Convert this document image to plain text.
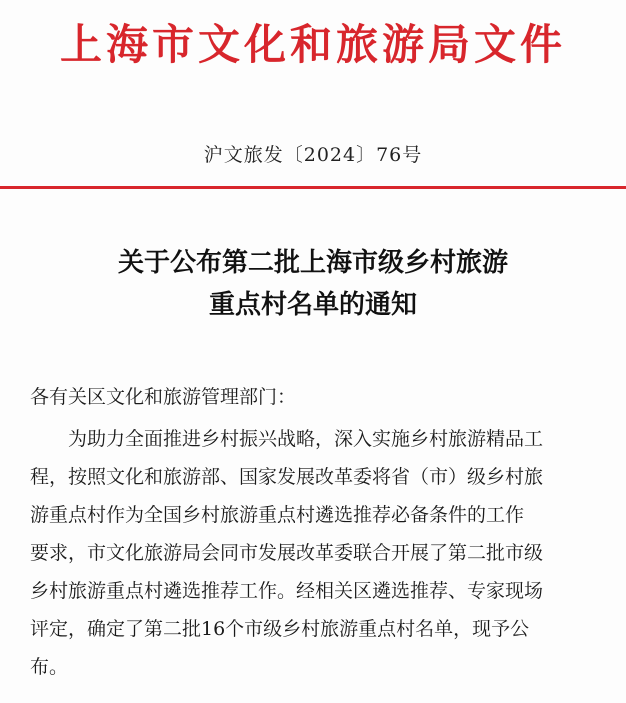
上海市文化和旅游局文件
沪文旅发〔2024〕76号
关于公布第二批上海市级乡村旅游
重点村名单的通知
各有关区文化和旅游管理部门：
为助力全面推进乡村振兴战略，深入实施乡村旅游精品工
程，按照文化和旅游部、国家发展改革委将省（市）级乡村旅
游重点村作为全国乡村旅游重点村遴选推荐必备条件的工作
要求，市文化旅游局会同市发展改革委联合开展了第二批市级
乡村旅游重点村遴选推荐工作。经相关区遴选推荐、专家现场
评定，确定了第二批16个市级乡村旅游重点村名单，现予公
布。
